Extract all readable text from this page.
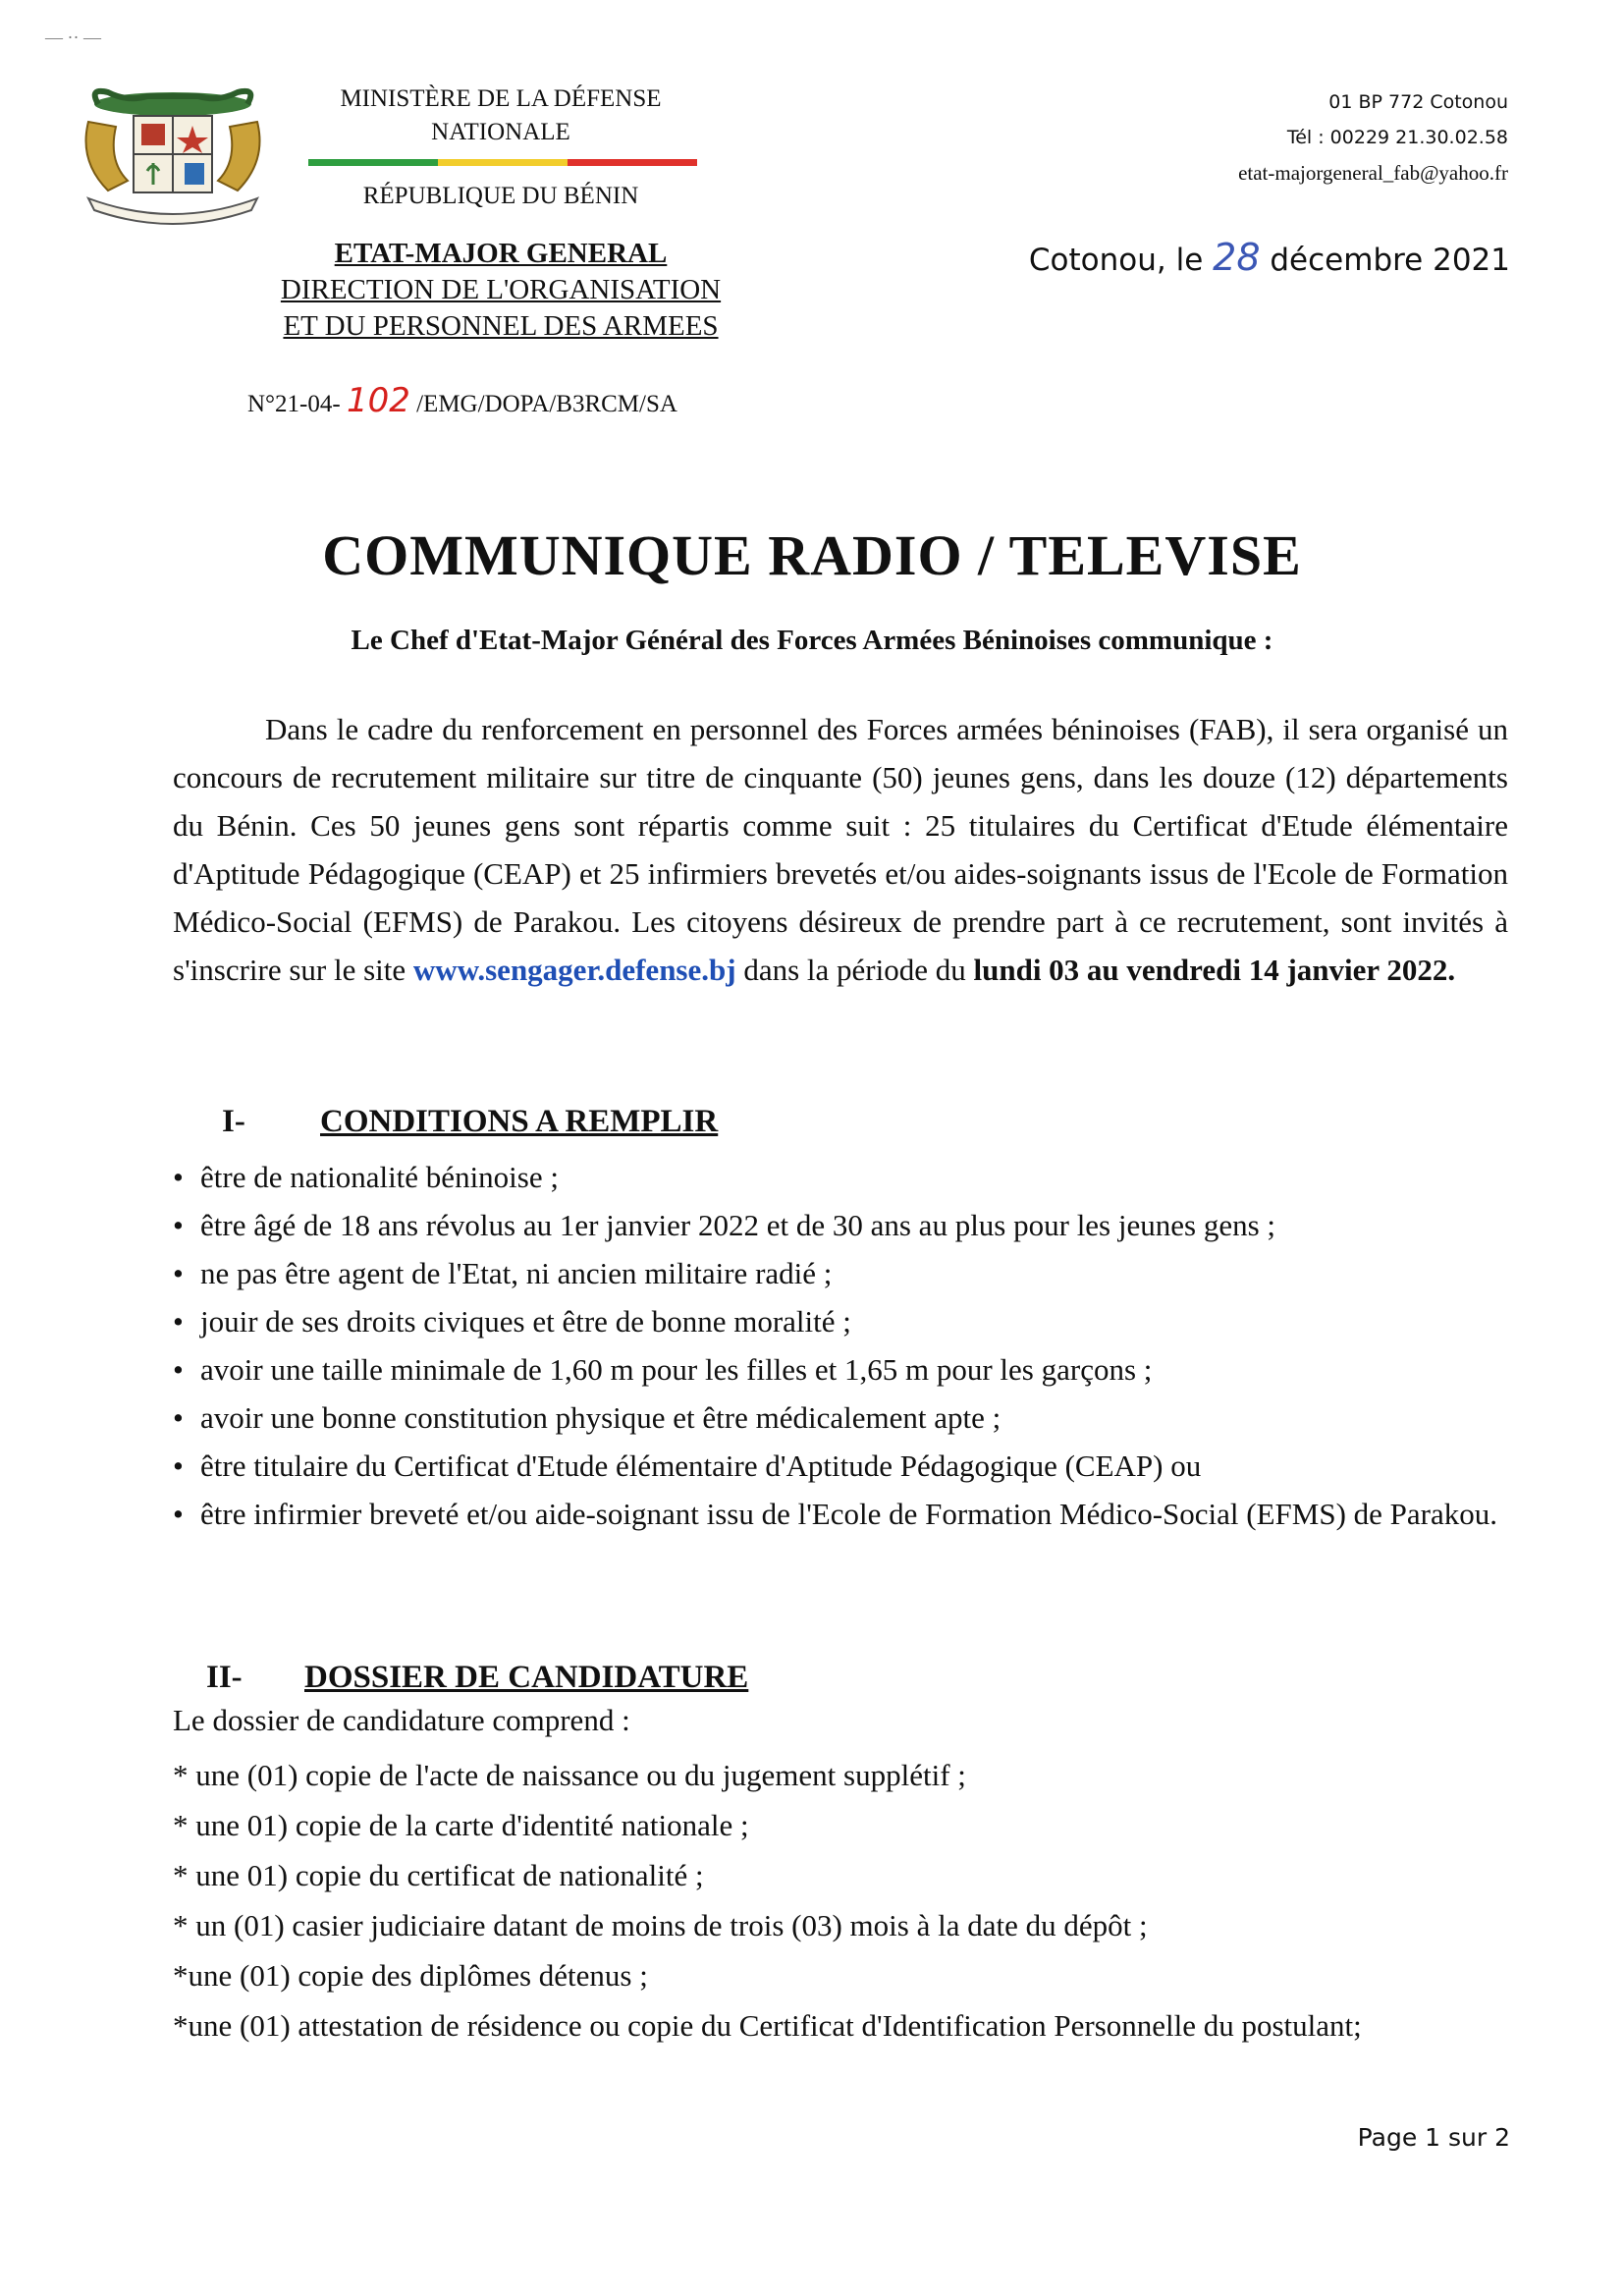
— ·· —
MINISTÈRE DE LA DÉFENSE
NATIONALE
RÉPUBLIQUE DU BÉNIN
ETAT-MAJOR GENERAL
DIRECTION DE L'ORGANISATION
ET DU PERSONNEL DES ARMEES
N°21-04- 102 /EMG/DOPA/B3RCM/SA
01 BP 772 Cotonou
Tél : 00229 21.30.02.58
etat-majorgeneral_fab@yahoo.fr
Cotonou, le 28 décembre 2021
COMMUNIQUE RADIO / TELEVISE
Le Chef d'Etat-Major Général des Forces Armées Béninoises communique :
Dans le cadre du renforcement en personnel des Forces armées béninoises (FAB), il sera organisé un concours de recrutement militaire sur titre de cinquante (50) jeunes gens, dans les douze (12) départements du Bénin. Ces 50 jeunes gens sont répartis comme suit : 25 titulaires du Certificat d'Etude élémentaire d'Aptitude Pédagogique (CEAP) et 25 infirmiers brevetés et/ou aides-soignants issus de l'Ecole de Formation Médico-Social (EFMS) de Parakou. Les citoyens désireux de prendre part à ce recrutement, sont invités à s'inscrire sur le site www.sengager.defense.bj dans la période du lundi 03 au vendredi 14 janvier 2022.
I- CONDITIONS A REMPLIR
• être de nationalité béninoise ;
• être âgé de 18 ans révolus au 1er janvier 2022 et de 30 ans au plus pour les jeunes gens ;
• ne pas être agent de l'Etat, ni ancien militaire radié ;
• jouir de ses droits civiques et être de bonne moralité ;
• avoir une taille minimale de 1,60 m pour les filles et 1,65 m pour les garçons ;
• avoir une bonne constitution physique et être médicalement apte ;
• être titulaire du Certificat d'Etude élémentaire d'Aptitude Pédagogique (CEAP) ou
• être infirmier breveté et/ou aide-soignant issu de l'Ecole de Formation Médico-Social (EFMS) de Parakou.
II- DOSSIER DE CANDIDATURE
Le dossier de candidature comprend :
* une (01) copie de l'acte de naissance ou du jugement supplétif ;
* une 01) copie de la carte d'identité nationale ;
* une 01) copie du certificat de nationalité ;
* un (01) casier judiciaire datant de moins de trois (03) mois à la date du dépôt ;
*une (01) copie des diplômes détenus ;
*une (01) attestation de résidence ou copie du Certificat d'Identification Personnelle du postulant;
Page 1 sur 2
